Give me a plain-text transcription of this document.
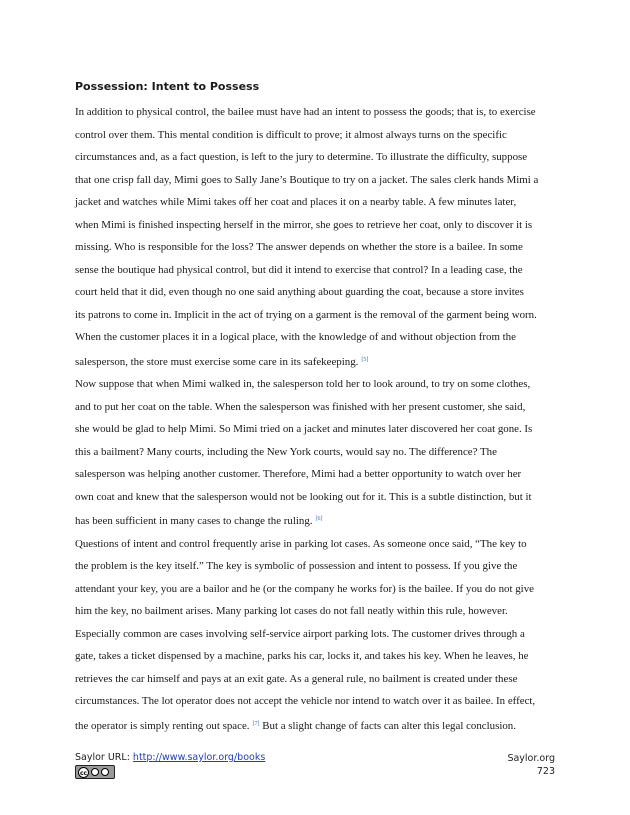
Possession: Intent to Possess

In addition to physical control, the bailee must have had an intent to possess the goods; that is, to exercise
control over them. This mental condition is difficult to prove; it almost always turns on the specific
circumstances and, as a fact question, is left to the jury to determine. To illustrate the difficulty, suppose
that one crisp fall day, Mimi goes to Sally Jane’s Boutique to try on a jacket. The sales clerk hands Mimi a
jacket and watches while Mimi takes off her coat and places it on a nearby table. A few minutes later,
when Mimi is finished inspecting herself in the mirror, she goes to retrieve her coat, only to discover it is
missing. Who is responsible for the loss? The answer depends on whether the store is a bailee. In some
sense the boutique had physical control, but did it intend to exercise that control? In a leading case, the
court held that it did, even though no one said anything about guarding the coat, because a store invites
its patrons to come in. Implicit in the act of trying on a garment is the removal of the garment being worn.
When the customer places it in a logical place, with the knowledge of and without objection from the
salesperson, the store must exercise some care in its safekeeping. [5]

Now suppose that when Mimi walked in, the salesperson told her to look around, to try on some clothes,
and to put her coat on the table. When the salesperson was finished with her present customer, she said,
she would be glad to help Mimi. So Mimi tried on a jacket and minutes later discovered her coat gone. Is
this a bailment? Many courts, including the New York courts, would say no. The difference? The
salesperson was helping another customer. Therefore, Mimi had a better opportunity to watch over her
own coat and knew that the salesperson would not be looking out for it. This is a subtle distinction, but it
has been sufficient in many cases to change the ruling. [6]

Questions of intent and control frequently arise in parking lot cases. As someone once said, “The key to
the problem is the key itself.” The key is symbolic of possession and intent to possess. If you give the
attendant your key, you are a bailor and he (or the company he works for) is the bailee. If you do not give
him the key, no bailment arises. Many parking lot cases do not fall neatly within this rule, however.
Especially common are cases involving self-service airport parking lots. The customer drives through a
gate, takes a ticket dispensed by a machine, parks his car, locks it, and takes his key. When he leaves, he
retrieves the car himself and pays at an exit gate. As a general rule, no bailment is created under these
circumstances. The lot operator does not accept the vehicle nor intend to watch over it as bailee. In effect,
the operator is simply renting out space. [7] But a slight change of facts can alter this legal conclusion.

Saylor URL: http://www.saylor.org/books
cc
Saylor.org
723
